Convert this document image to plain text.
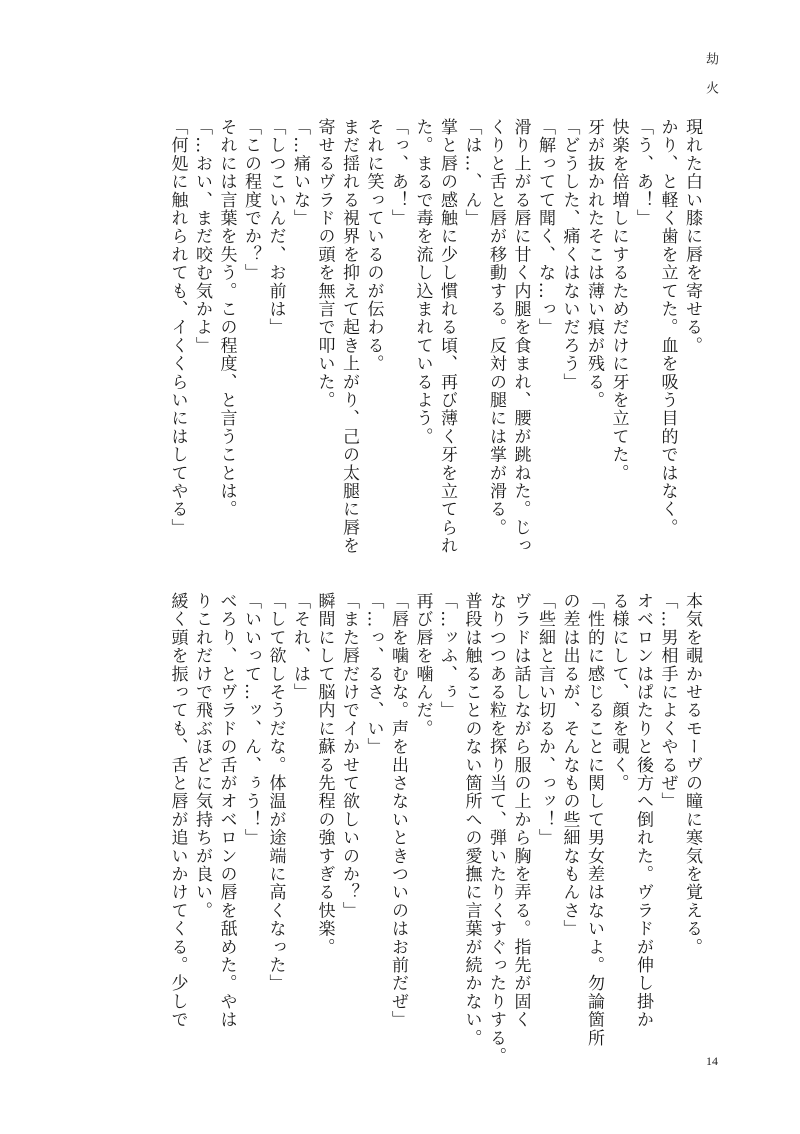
劫 火
現れた白い膝に唇を寄せる。
かり、と軽く歯を立てた。血を吸う目的ではなく。
「う、あ！」
快楽を倍増しにするためだけに牙を立てた。
牙が抜かれたそこは薄い痕が残る。
「どうした、痛くはないだろう」
「解ってて聞く、な…っ」
滑り上がる唇に甘く内腿を食まれ、腰が跳ねた。じっ
くりと舌と唇が移動する。反対の腿には掌が滑る。
「は…、ん」
掌と唇の感触に少し慣れる頃、再び薄く牙を立てられ
た。まるで毒を流し込まれているよう。
「っ、あ！」
それに笑っているのが伝わる。
まだ揺れる視界を抑えて起き上がり、己の太腿に唇を
寄せるヴラドの頭を無言で叩いた。
「…痛いな」
「しつこいんだ、お前は」
「この程度でか？」
それには言葉を失う。この程度、と言うことは。
「…おい、まだ咬む気かよ」
「何処に触れられても、イくくらいにはしてやる」
本気を覗かせるモーヴの瞳に寒気を覚える。
「…男相手によくやるぜ」
オベロンはぱたりと後方へ倒れた。ヴラドが伸し掛か
る様にして、顔を覗く。
「性的に感じることに関して男女差はないよ。勿論箇所
の差は出るが、そんなもの些細なもんさ」
「些細と言い切るか、っッ！」
ヴラドは話しながら服の上から胸を弄る。指先が固く
なりつつある粒を探り当て、弾いたりくすぐったりする。
普段は触ることのない箇所への愛撫に言葉が続かない。
「…ッふ、ぅ」
再び唇を噛んだ。
「唇を噛むな。声を出さないときついのはお前だぜ」
「…っ、るさ、い」
「また唇だけでイかせて欲しいのか？」
瞬間にして脳内に蘇る先程の強すぎる快楽。
「それ、は」
「して欲しそうだな。体温が途端に高くなった」
「いいって…ッ、ん、ぅう！」
べろり、とヴラドの舌がオベロンの唇を舐めた。やは
りこれだけで飛ぶほどに気持ちが良い。
緩く頭を振っても、舌と唇が追いかけてくる。少しで
14
